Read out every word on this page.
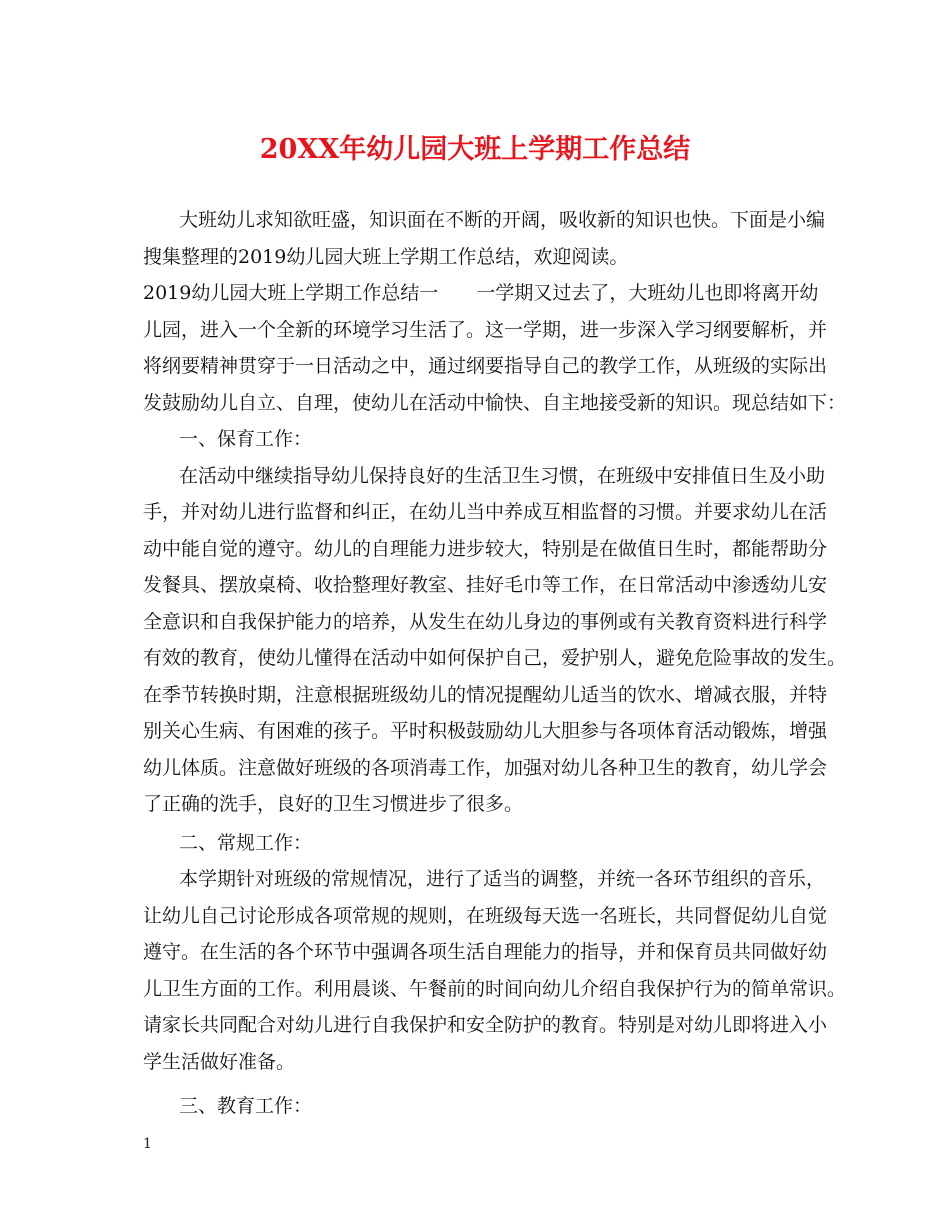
20XX年幼儿园大班上学期工作总结
大班幼儿求知欲旺盛，知识面在不断的开阔，吸收新的知识也快。下面是小编
搜集整理的2019幼儿园大班上学期工作总结，欢迎阅读。
2019幼儿园大班上学期工作总结一　　一学期又过去了，大班幼儿也即将离开幼
儿园，进入一个全新的环境学习生活了。这一学期，进一步深入学习纲要解析，并
将纲要精神贯穿于一日活动之中，通过纲要指导自己的教学工作，从班级的实际出
发鼓励幼儿自立、自理，使幼儿在活动中愉快、自主地接受新的知识。现总结如下：
一、保育工作：
在活动中继续指导幼儿保持良好的生活卫生习惯，在班级中安排值日生及小助
手，并对幼儿进行监督和纠正，在幼儿当中养成互相监督的习惯。并要求幼儿在活
动中能自觉的遵守。幼儿的自理能力进步较大，特别是在做值日生时，都能帮助分
发餐具、摆放桌椅、收拾整理好教室、挂好毛巾等工作，在日常活动中渗透幼儿安
全意识和自我保护能力的培养，从发生在幼儿身边的事例或有关教育资料进行科学
有效的教育，使幼儿懂得在活动中如何保护自己，爱护别人，避免危险事故的发生。
在季节转换时期，注意根据班级幼儿的情况提醒幼儿适当的饮水、增减衣服，并特
别关心生病、有困难的孩子。平时积极鼓励幼儿大胆参与各项体育活动锻炼，增强
幼儿体质。注意做好班级的各项消毒工作，加强对幼儿各种卫生的教育，幼儿学会
了正确的洗手，良好的卫生习惯进步了很多。
二、常规工作：
本学期针对班级的常规情况，进行了适当的调整，并统一各环节组织的音乐，
让幼儿自己讨论形成各项常规的规则，在班级每天选一名班长，共同督促幼儿自觉
遵守。在生活的各个环节中强调各项生活自理能力的指导，并和保育员共同做好幼
儿卫生方面的工作。利用晨谈、午餐前的时间向幼儿介绍自我保护行为的简单常识。
请家长共同配合对幼儿进行自我保护和安全防护的教育。特别是对幼儿即将进入小
学生活做好准备。
三、教育工作：
1
